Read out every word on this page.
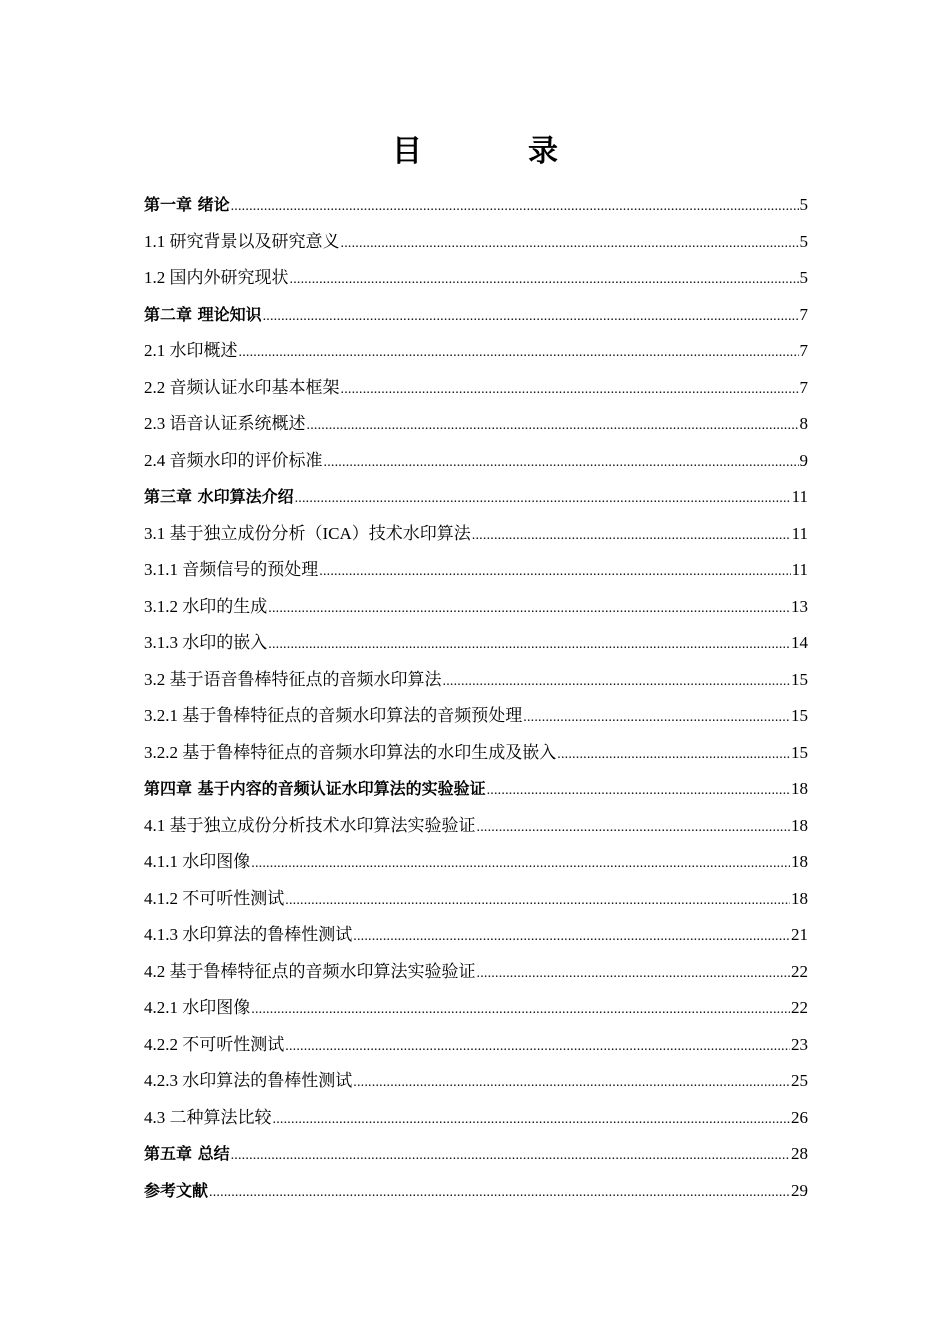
目　录
第一章 绪论 .....	5
1.1 研究背景以及研究意义 .....	5
1.2 国内外研究现状 .....	5
第二章 理论知识 .....	7
2.1 水印概述 .....	7
2.2 音频认证水印基本框架 .....	7
2.3 语音认证系统概述 .....	8
2.4 音频水印的评价标准 .....	9
第三章 水印算法介绍 .....	11
3.1 基于独立成份分析（ICA）技术水印算法 .....	11
3.1.1 音频信号的预处理 .....	11
3.1.2 水印的生成 .....	13
3.1.3 水印的嵌入 .....	14
3.2 基于语音鲁棒特征点的音频水印算法 .....	15
3.2.1 基于鲁棒特征点的音频水印算法的音频预处理 .....	15
3.2.2 基于鲁棒特征点的音频水印算法的水印生成及嵌入 .....	15
第四章 基于内容的音频认证水印算法的实验验证 .....	18
4.1 基于独立成份分析技术水印算法实验验证 .....	18
4.1.1 水印图像 .....	18
4.1.2 不可听性测试 .....	18
4.1.3 水印算法的鲁棒性测试 .....	21
4.2 基于鲁棒特征点的音频水印算法实验验证 .....	22
4.2.1 水印图像 .....	22
4.2.2 不可听性测试 .....	23
4.2.3 水印算法的鲁棒性测试 .....	25
4.3 二种算法比较 .....	26
第五章 总结 .....	28
参考文献 .....	29
